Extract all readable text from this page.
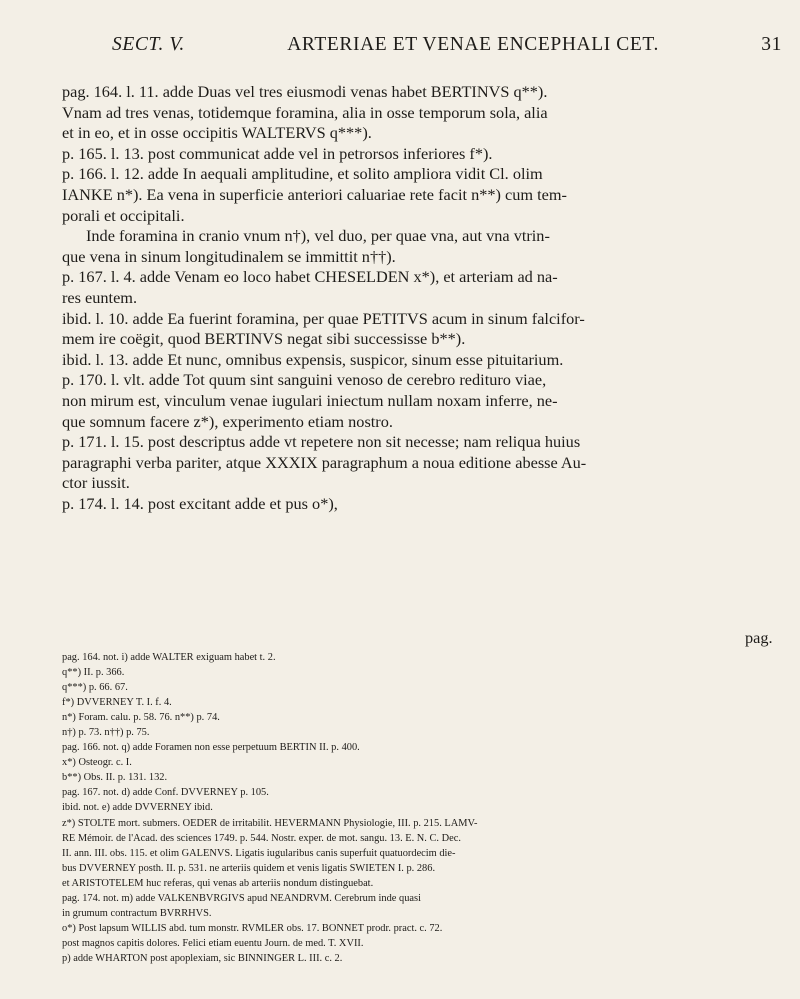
SECT. V.	ARTERIAE ET VENAE ENCEPHALI CET.	31
pag. 164. l. 11. adde Duas vel tres eiusmodi venas habet BERTINVS q**).
Vnam ad tres venas, totidemque foramina, alia in osse temporum sola, alia
et in eo, et in osse occipitis WALTERVS q***).
p. 165. l. 13. post communicat adde vel in petrorsos inferiores f*).
p. 166. l. 12. adde In aequali amplitudine, et solito ampliora vidit Cl. olim
IANKE n*). Ea vena in superficie anteriori caluariae rete facit n**) cum tem-
porali et occipitali.
Inde foramina in cranio vnum n†), vel duo, per quae vna, aut vna vtrin-
que vena in sinum longitudinalem se immittit n††).
p. 167. l. 4. adde Venam eo loco habet CHESELDEN x*), et arteriam ad na-
res euntem.
ibid. l. 10. adde Ea fuerint foramina, per quae PETITVS acum in sinum falcifor-
mem ire coëgit, quod BERTINVS negat sibi successisse b**).
ibid. l. 13. adde Et nunc, omnibus expensis, suspicor, sinum esse pituitarium.
p. 170. l. vlt. adde Tot quum sint sanguini venoso de cerebro redituro viae,
non mirum est, vinculum venae iugulari iniectum nullam noxam inferre, ne-
que somnum facere z*), experimento etiam nostro.
p. 171. l. 15. post descriptus adde vt repetere non sit necesse; nam reliqua huius
paragraphi verba pariter, atque XXXIX paragraphum a noua editione abesse Au-
ctor iussit.
p. 174. l. 14. post excitant adde et pus o*),
pag.
pag. 164. not. i) adde WALTER exiguam habet t. 2.
q**) II. p. 366.
q***) p. 66. 67.
f*) DVVERNEY T. I. f. 4.
n*) Foram. calu. p. 58. 76. n**) p. 74.
n†) p. 73. n††) p. 75.
pag. 166. not. q) adde Foramen non esse perpetuum BERTIN II. p. 400.
x*) Osteogr. c. I.
b**) Obs. II. p. 131. 132.
pag. 167. not. d) adde Conf. DVVERNEY p. 105.
ibid. not. e) adde DVVERNEY ibid.
z*) STOLTE mort. submers. OEDER de irritabilit. HEVERMANN Physiologie, III. p. 215. LAMV-
RE Mémoir. de l'Acad. des sciences 1749. p. 544. Nostr. exper. de mot. sangu. 13. E. N. C. Dec.
II. ann. III. obs. 115. et olim GALENVS. Ligatis iugularibus canis superfuit quatuordecim die-
bus DVVERNEY posth. II. p. 531. ne arteriis quidem et venis ligatis SWIETEN I. p. 286.
et ARISTOTELEM huc referas, qui venas ab arteriis nondum distinguebat.
pag. 174. not. m) adde VALKENBVRGIVS apud NEANDRVM. Cerebrum inde quasi
in grumum contractum BVRRHVS.
o*) Post lapsum WILLIS abd. tum monstr. RVMLER obs. 17. BONNET prodr. pract. c. 72.
post magnos capitis dolores. Felici etiam euentu Journ. de med. T. XVII.
p) adde WHARTON post apoplexiam, sic BINNINGER L. III. c. 2.
